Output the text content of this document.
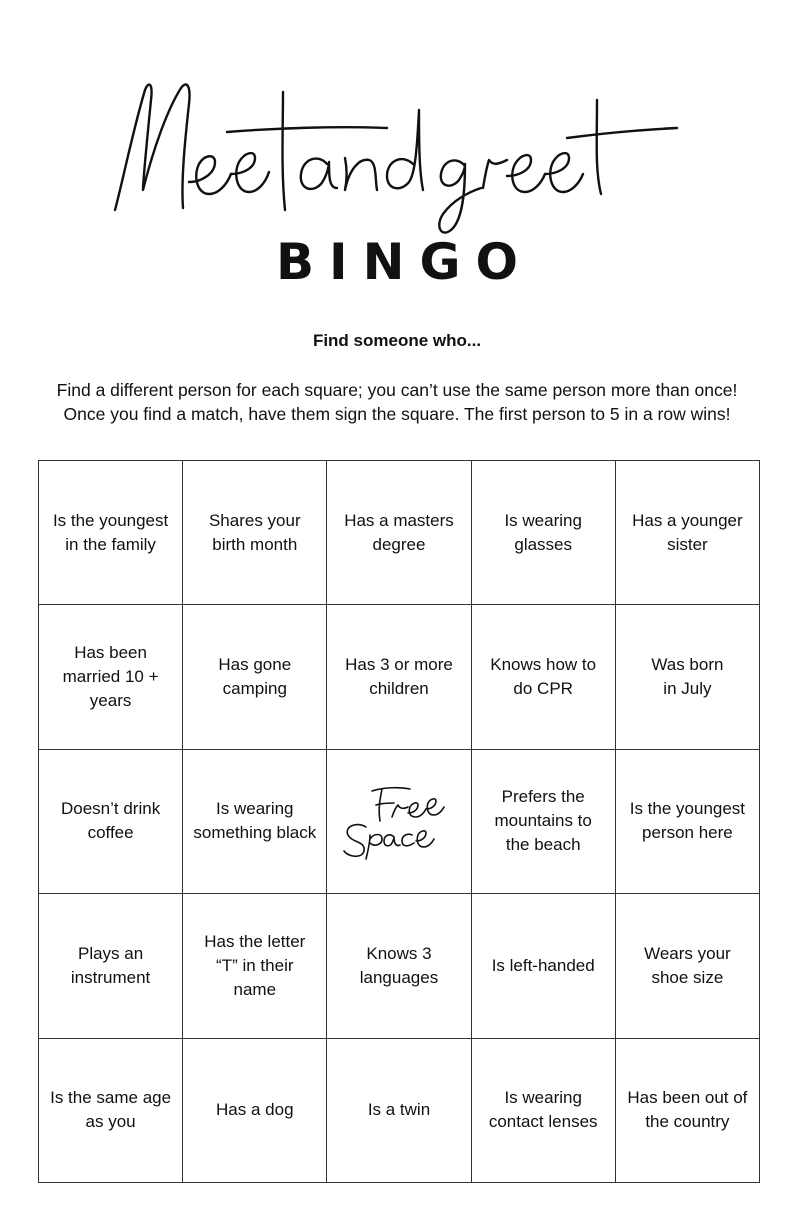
BINGO
Find someone who...
Find a different person for each square; you can’t use the same person more than once!
Once you find a match, have them sign the square. The first person to 5 in a row wins!
Is the youngest
in the family
Shares your
birth month
Has a masters
degree
Is wearing
glasses
Has a younger
sister
Has been
married 10 +
years
Has gone
camping
Has 3 or more
children
Knows how to
do CPR
Was born
in July
Doesn’t drink
coffee
Is wearing
something black
Prefers the
mountains to
the beach
Is the youngest
person here
Plays an
instrument
Has the letter
“T” in their
name
Knows 3
languages
Is left-handed
Wears your
shoe size
Is the same age
as you
Has a dog	Is a twin
Is wearing
contact lenses
Has been out of
the country
